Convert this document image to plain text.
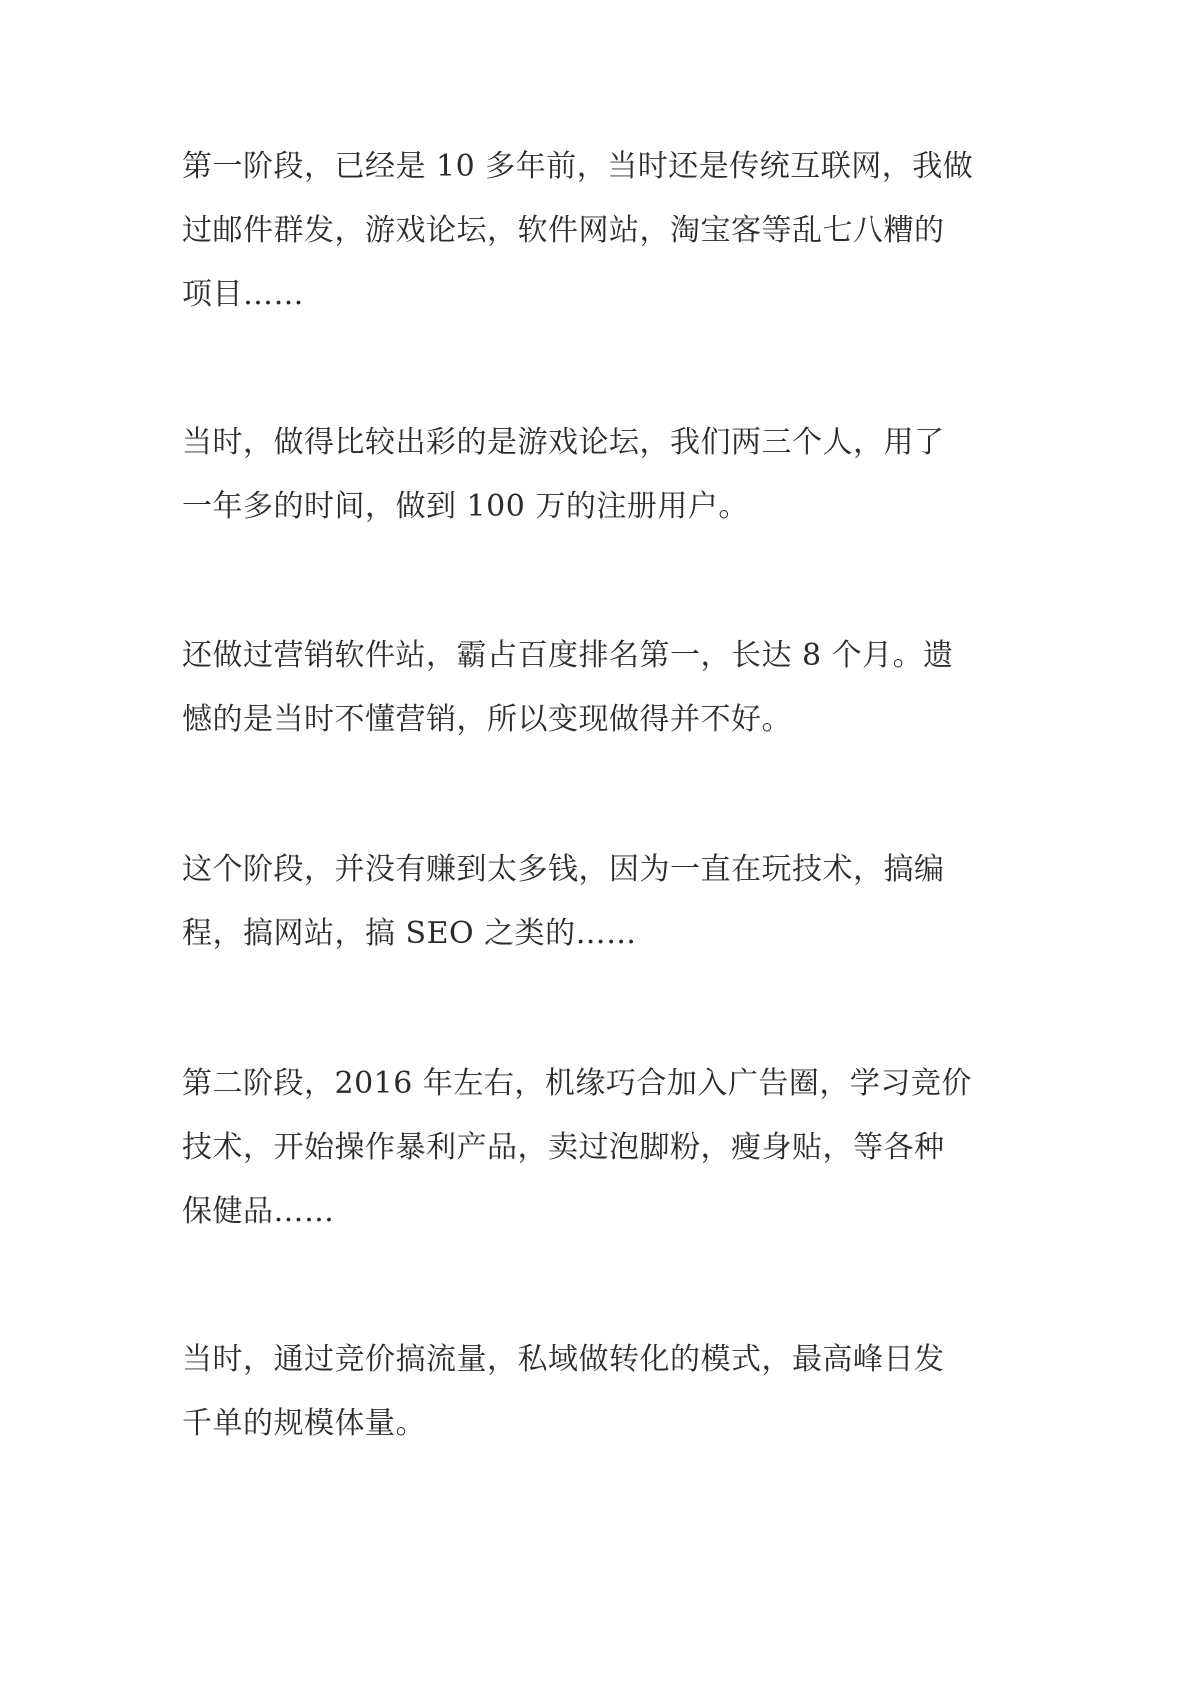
第一阶段，已经是 10 多年前，当时还是传统互联网，我做
过邮件群发，游戏论坛，软件网站，淘宝客等乱七八糟的
项目……

当时，做得比较出彩的是游戏论坛，我们两三个人，用了
一年多的时间，做到 100 万的注册用户。

还做过营销软件站，霸占百度排名第一，长达 8 个月。遗
憾的是当时不懂营销，所以变现做得并不好。

这个阶段，并没有赚到太多钱，因为一直在玩技术，搞编
程，搞网站，搞 SEO 之类的……

第二阶段，2016 年左右，机缘巧合加入广告圈，学习竞价
技术，开始操作暴利产品，卖过泡脚粉，瘦身贴，等各种
保健品……

当时，通过竞价搞流量，私域做转化的模式，最高峰日发
千单的规模体量。
